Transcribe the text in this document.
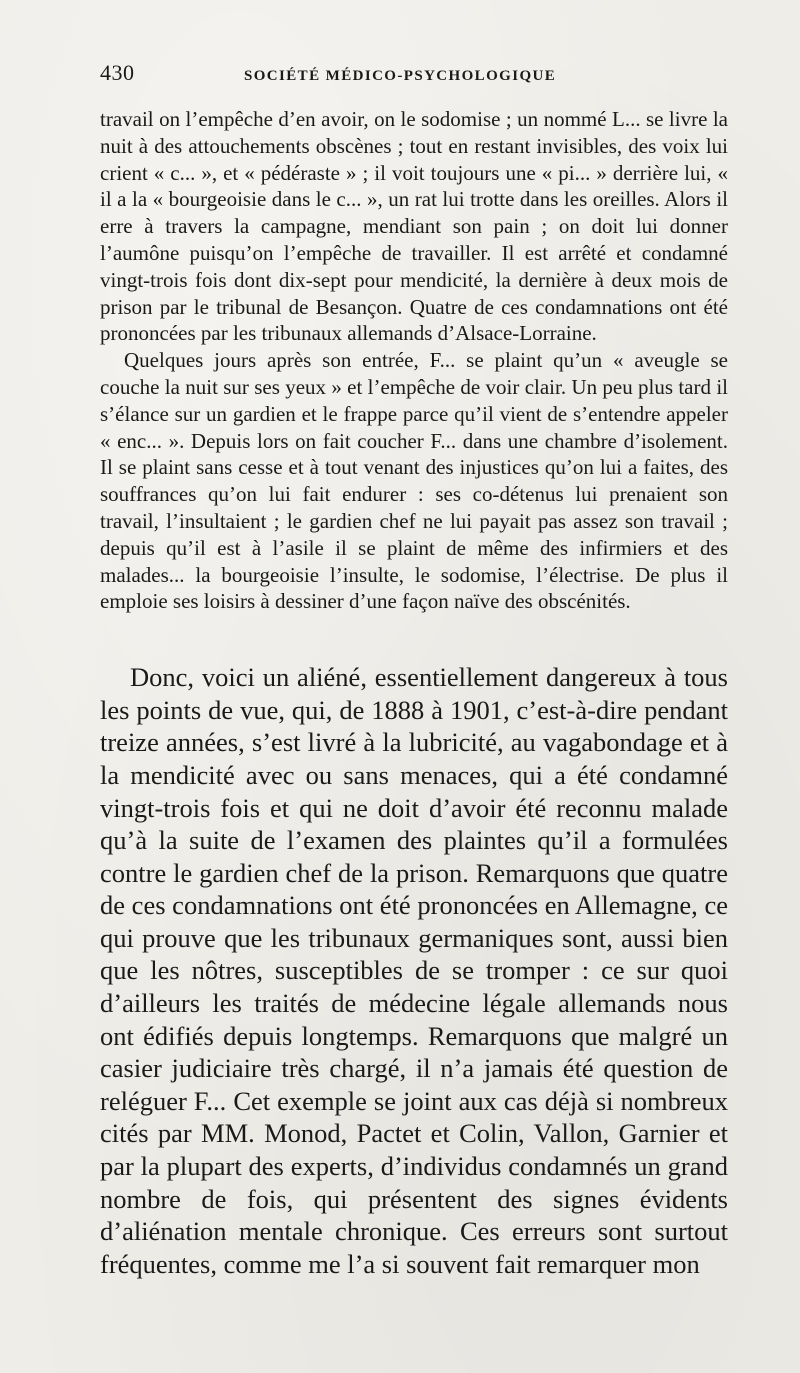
430	SOCIÉTÉ MÉDICO-PSYCHOLOGIQUE

travail on l’empêche d’en avoir, on le sodomise ; un nommé L... se livre la nuit à des attouchements obscènes ; tout en restant invisibles, des voix lui crient « c... », et « pédéraste » ; il voit toujours une « pi... » derrière lui, « il a la « bourgeoisie dans le c... », un rat lui trotte dans les oreilles. Alors il erre à travers la campagne, mendiant son pain ; on doit lui donner l’aumône puisqu’on l’empêche de travailler. Il est arrêté et condamné vingt-trois fois dont dix-sept pour mendicité, la dernière à deux mois de prison par le tribunal de Besançon. Quatre de ces condamnations ont été prononcées par les tribunaux allemands d’Alsace-Lorraine.

Quelques jours après son entrée, F... se plaint qu’un « aveugle se couche la nuit sur ses yeux » et l’empêche de voir clair. Un peu plus tard il s’élance sur un gardien et le frappe parce qu’il vient de s’entendre appeler « enc... ». Depuis lors on fait coucher F... dans une chambre d’isolement. Il se plaint sans cesse et à tout venant des injustices qu’on lui a faites, des souffrances qu’on lui fait endurer : ses co-détenus lui prenaient son travail, l’insultaient ; le gardien chef ne lui payait pas assez son travail ; depuis qu’il est à l’asile il se plaint de même des infirmiers et des malades... la bourgeoisie l’insulte, le sodomise, l’électrise. De plus il emploie ses loisirs à dessiner d’une façon naïve des obscénités.

Donc, voici un aliéné, essentiellement dangereux à tous les points de vue, qui, de 1888 à 1901, c’est-à-dire pendant treize années, s’est livré à la lubricité, au vagabondage et à la mendicité avec ou sans menaces, qui a été condamné vingt-trois fois et qui ne doit d’avoir été reconnu malade qu’à la suite de l’examen des plaintes qu’il a formulées contre le gardien chef de la prison. Remarquons que quatre de ces condamnations ont été prononcées en Allemagne, ce qui prouve que les tribunaux germaniques sont, aussi bien que les nôtres, susceptibles de se tromper : ce sur quoi d’ailleurs les traités de médecine légale allemands nous ont édifiés depuis longtemps. Remarquons que malgré un casier judiciaire très chargé, il n’a jamais été question de reléguer F... Cet exemple se joint aux cas déjà si nombreux cités par MM. Monod, Pactet et Colin, Vallon, Garnier et par la plupart des experts, d’individus condamnés un grand nombre de fois, qui présentent des signes évidents d’aliénation mentale chronique. Ces erreurs sont surtout fréquentes, comme me l’a si souvent fait remarquer mon
